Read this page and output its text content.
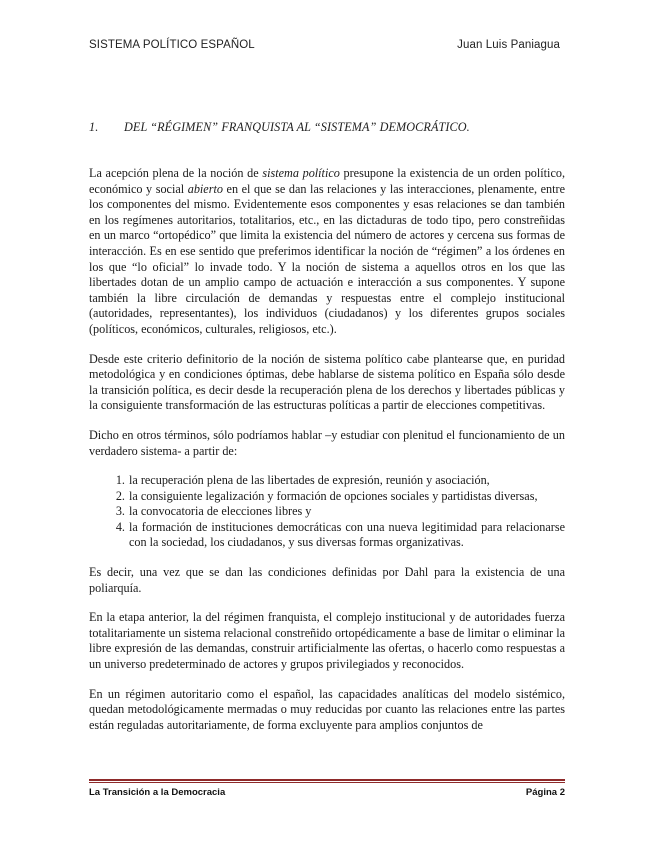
SISTEMA POLÍTICO ESPAÑOL	Juan Luis Paniagua
1. DEL “RÉGIMEN” FRANQUISTA AL “SISTEMA” DEMOCRÁTICO.

La acepción plena de la noción de sistema político presupone la existencia de un orden político, económico y social abierto en el que se dan las relaciones y las interacciones, plenamente, entre los componentes del mismo. Evidentemente esos componentes y esas relaciones se dan también en los regímenes autoritarios, totalitarios, etc., en las dictaduras de todo tipo, pero constreñidas en un marco “ortopédico” que limita la existencia del número de actores y cercena sus formas de interacción. Es en ese sentido que preferimos identificar la noción de “régimen” a los órdenes en los que “lo oficial” lo invade todo. Y la noción de sistema a aquellos otros en los que las libertades dotan de un amplio campo de actuación e interacción a sus componentes. Y supone también la libre circulación de demandas y respuestas entre el complejo institucional (autoridades, representantes), los individuos (ciudadanos) y los diferentes grupos sociales (políticos, económicos, culturales, religiosos, etc.).

Desde este criterio definitorio de la noción de sistema político cabe plantearse que, en puridad metodológica y en condiciones óptimas, debe hablarse de sistema político en España sólo desde la transición política, es decir desde la recuperación plena de los derechos y libertades públicas y la consiguiente transformación de las estructuras políticas a partir de elecciones competitivas.

Dicho en otros términos, sólo podríamos hablar –y estudiar con plenitud el funcionamiento de un verdadero sistema- a partir de:

1. la recuperación plena de las libertades de expresión, reunión y asociación,
2. la consiguiente legalización y formación de opciones sociales y partidistas diversas,
3. la convocatoria de elecciones libres y
4. la formación de instituciones democráticas con una nueva legitimidad para relacionarse con la sociedad, los ciudadanos, y sus diversas formas organizativas.

Es decir, una vez que se dan las condiciones definidas por Dahl para la existencia de una poliarquía.

En la etapa anterior, la del régimen franquista, el complejo institucional y de autoridades fuerza totalitariamente un sistema relacional constreñido ortopédicamente a base de limitar o eliminar la libre expresión de las demandas, construir artificialmente las ofertas, o hacerlo como respuestas a un universo predeterminado de actores y grupos privilegiados y reconocidos.

En un régimen autoritario como el español, las capacidades analíticas del modelo sistémico, quedan metodológicamente mermadas o muy reducidas por cuanto las relaciones entre las partes están reguladas autoritariamente, de forma excluyente para amplios conjuntos de

La Transición a la Democracia	Página 2
